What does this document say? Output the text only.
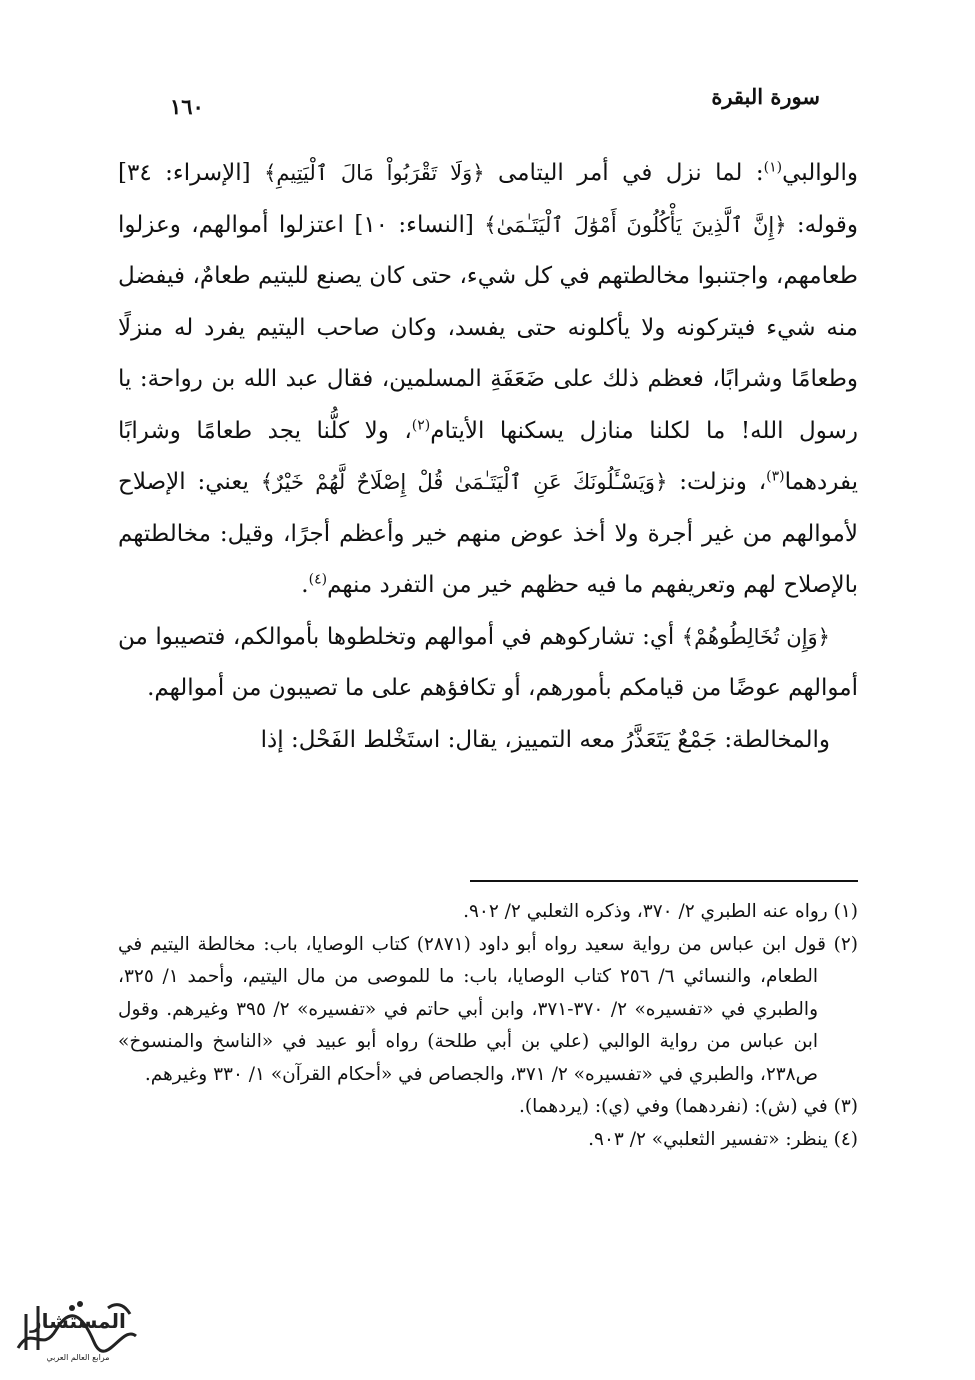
سورة البقرة
١٦٠

والوالبي$^{(١)}$: لما نزل في أمر اليتامى ﴿وَلَا تَقْرَبُواْ مَالَ ٱلْيَتِيمِ﴾ [الإسراء: ٣٤] وقوله: ﴿إِنَّ ٱلَّذِينَ يَأْكُلُونَ أَمْوَٰلَ ٱلْيَتَـٰمَىٰ﴾ [النساء: ١٠] اعتزلوا أموالهم، وعزلوا طعامهم، واجتنبوا مخالطتهم في كل شيء، حتى كان يصنع لليتيم طعامٌ، فيفضل منه شيء فيتركونه ولا يأكلونه حتى يفسد، وكان صاحب اليتيم يفرد له منزلًا وطعامًا وشرابًا، فعظم ذلك على ضَعَفَةِ المسلمين، فقال عبد الله بن رواحة: يا رسول الله! ما لكلنا منازل يسكنها الأيتام$^{(٢)}$، ولا كلُّنا يجد طعامًا وشرابًا يفردهما$^{(٣)}$، ونزلت: ﴿وَيَسْـَٔلُونَكَ عَنِ ٱلْيَتَـٰمَىٰ قُلْ إِصْلَاحٌ لَّهُمْ خَيْرٌ﴾ يعني: الإصلاح لأموالهم من غير أجرة ولا أخذ عوض منهم خير وأعظم أجرًا، وقيل: مخالطتهم بالإصلاح لهم وتعريفهم ما فيه حظهم خير من التفرد منهم$^{(٤)}$.

﴿وَإِن تُخَالِطُوهُمْ﴾ أي: تشاركوهم في أموالهم وتخلطوها بأموالكم، فتصيبوا من أموالهم عوضًا من قيامكم بأمورهم، أو تكافؤهم على ما تصيبون من أموالهم.

والمخالطة: جَمْعٌ يَتَعَذَّرُ معه التمييز، يقال: استَخْلط الفَحْل: إذا

(١) رواه عنه الطبري ٢/ ٣٧٠، وذكره الثعلبي ٢/ ٩٠٢.

(٢) قول ابن عباس من رواية سعيد رواه أبو داود (٢٨٧١) كتاب الوصايا، باب: مخالطة اليتيم في الطعام، والنسائي ٦/ ٢٥٦ كتاب الوصايا، باب: ما للموصى من مال اليتيم، وأحمد ١/ ٣٢٥، والطبري في «تفسيره» ٢/ ٣٧٠-٣٧١، وابن أبي حاتم في «تفسيره» ٢/ ٣٩٥ وغيرهم. وقول ابن عباس من رواية الوالبي (علي بن أبي طلحة) رواه أبو عبيد في «الناسخ والمنسوخ» ص٢٣٨، والطبري في «تفسيره» ٢/ ٣٧١، والجصاص في «أحكام القرآن» ١/ ٣٣٠ وغيرهم.

(٣) في (ش): (نفردهما) وفي (ي): (يردهما).

(٤) ينظر: «تفسير الثعلبي» ٢/ ٩٠٣.

المستشار
مرابع العالم العربي
